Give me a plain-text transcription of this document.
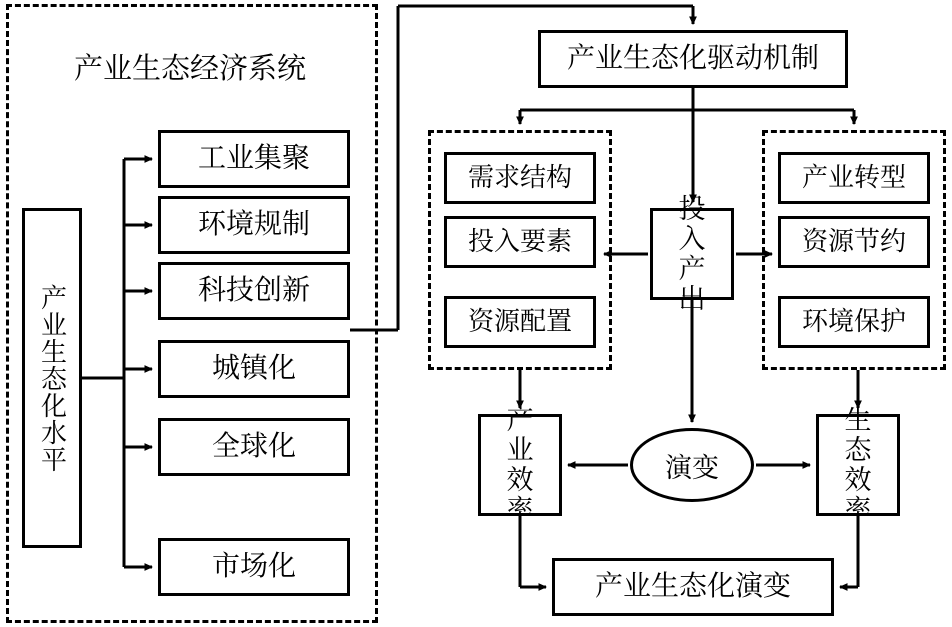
产业生态经济系统
产业生态化水平
工业集聚
环境规制
科技创新
城镇化
全球化
市场化
产业生态化驱动机制
需求结构
投入要素
资源配置
产业转型
资源节约
环境保护
投入产出
演变
产业效率
生态效率
产业生态化演变
